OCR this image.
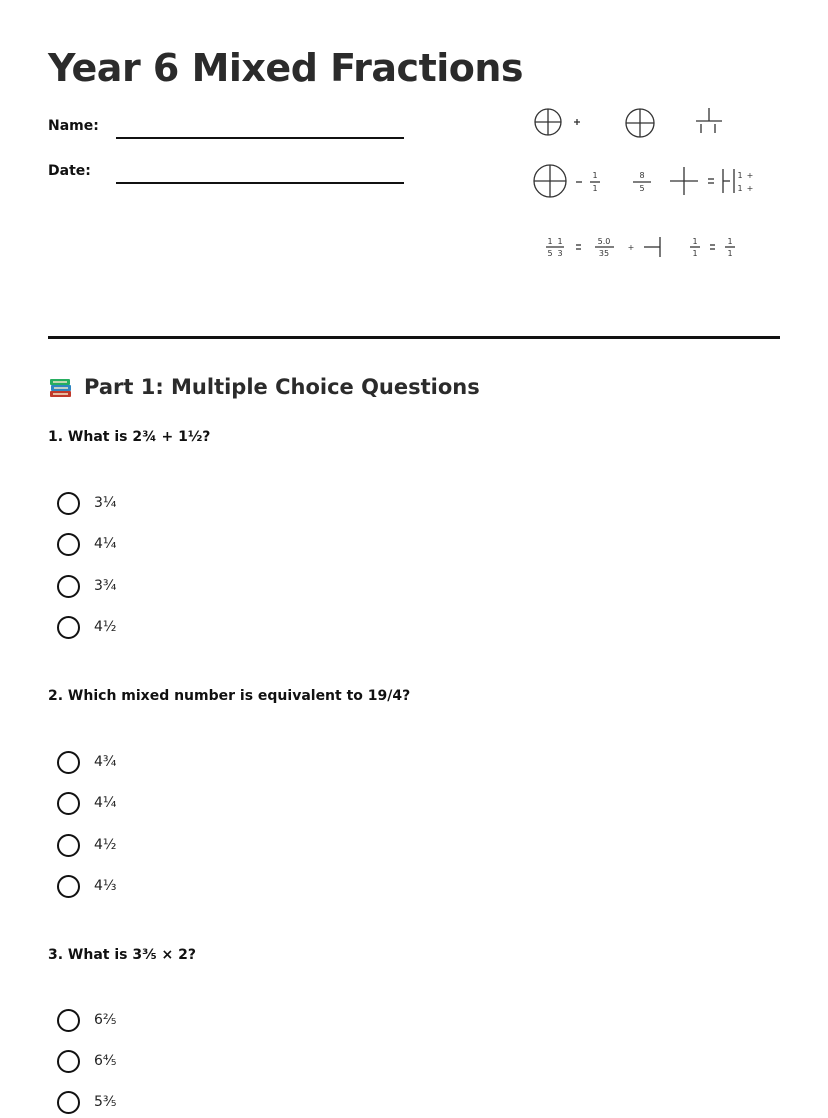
Year 6 Mixed Fractions
Name:
Date:	1
1
8
5
1
1
+
+
1 1
5 3
5.0
35
+
1
1
1
1
Part 1: Multiple Choice Questions
1. What is 2¾ + 1½?
3¼
4¼
3¾
4½
2. Which mixed number is equivalent to 19/4?
4¾
4¼
4½
4⅓
3. What is 3⅗ × 2?
6⅖
6⅘
5⅗
